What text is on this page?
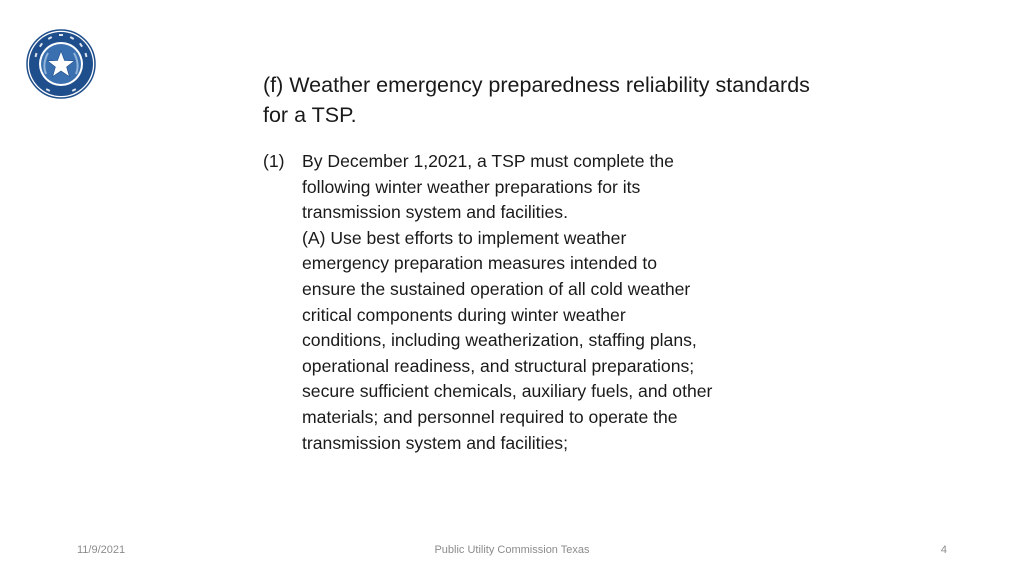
(f) Weather emergency preparedness reliability standards for a TSP.
(1) By December 1,2021, a TSP must complete the
following winter weather preparations for its
transmission system and facilities.
(A) Use best efforts to implement weather
emergency preparation measures intended to
ensure the sustained operation of all cold weather
critical components during winter weather
conditions, including weatherization, staffing plans,
operational readiness, and structural preparations;
secure sufficient chemicals, auxiliary fuels, and other
materials; and personnel required to operate the
transmission system and facilities;
11/9/2021	Public Utility Commission Texas	4
